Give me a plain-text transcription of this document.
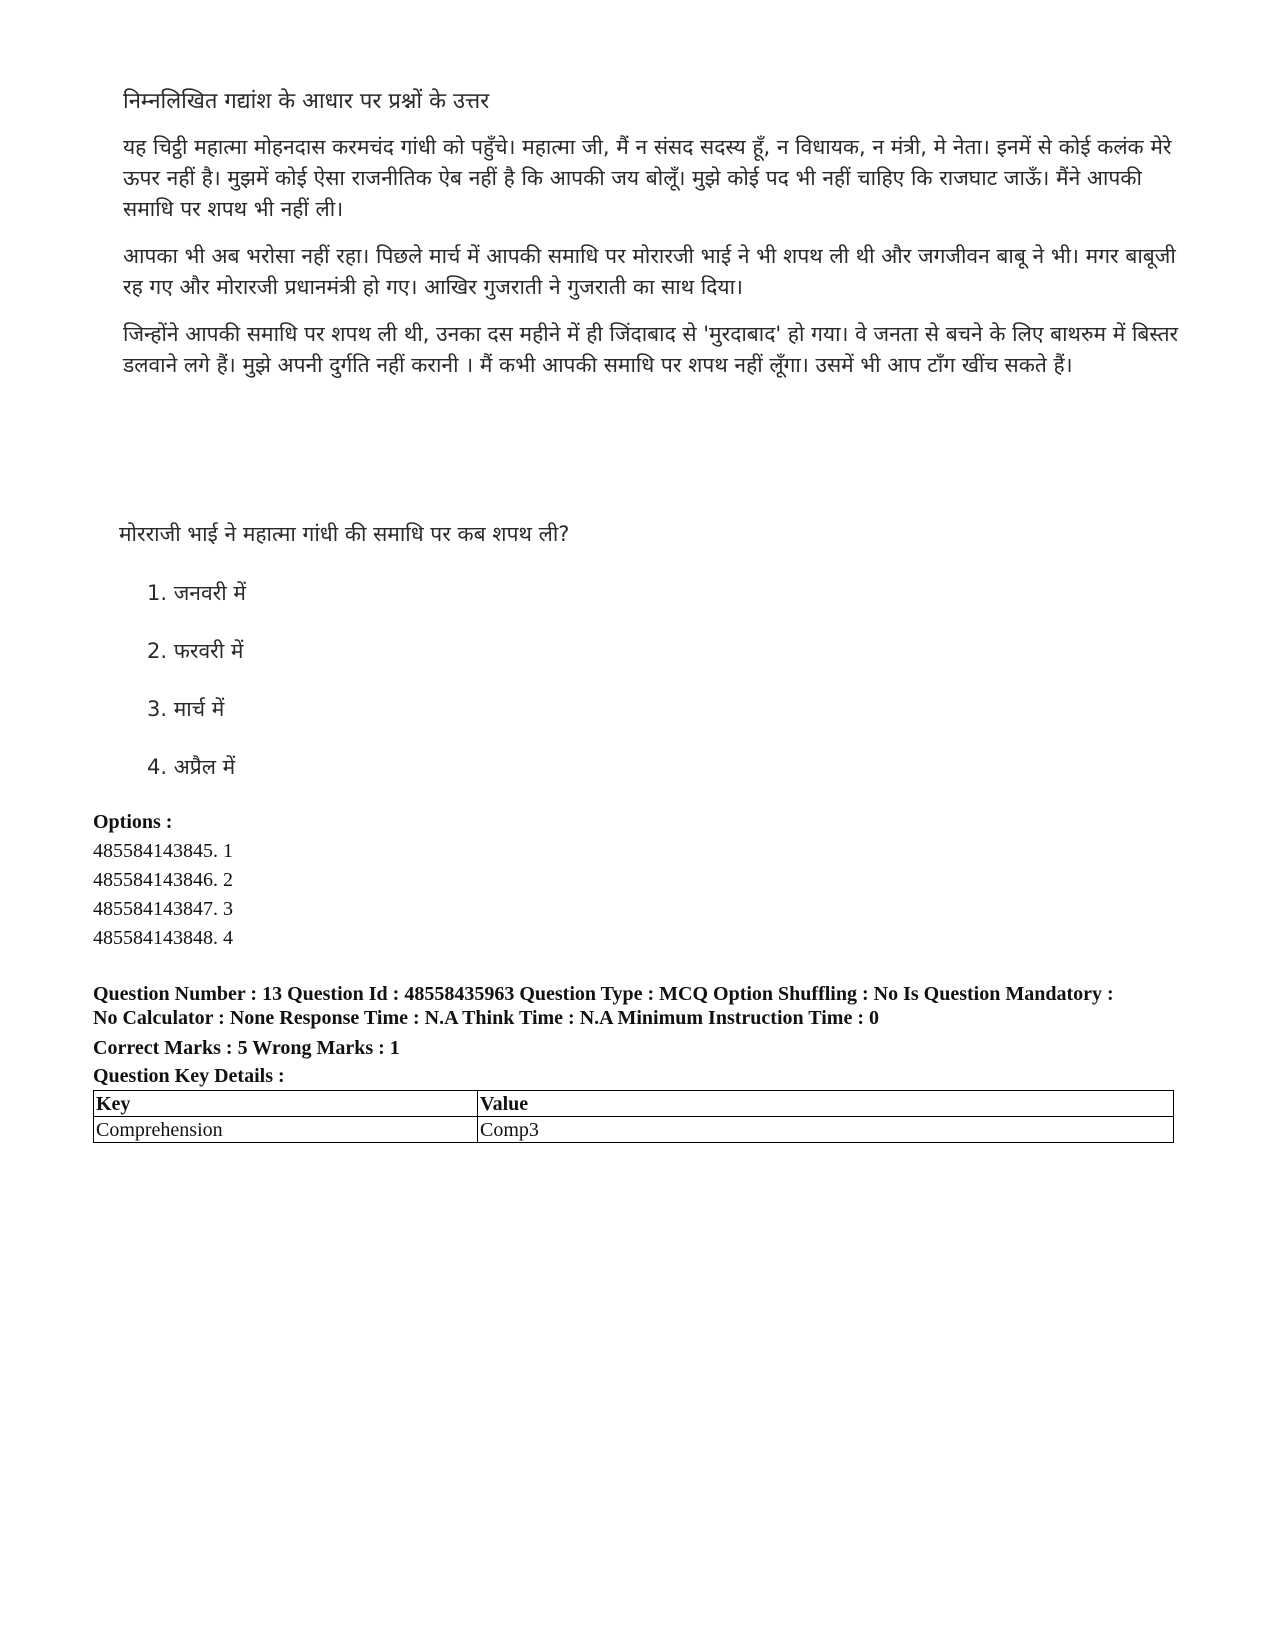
निम्नलिखित गद्यांश के आधार पर प्रश्नों के उत्तर

यह चिट्ठी महात्मा मोहनदास करमचंद गांधी को पहुँचे। महात्मा जी, मैं न संसद सदस्य हूँ, न विधायक, न मंत्री, मे नेता। इनमें से कोई कलंक मेरे ऊपर नहीं है। मुझमें कोई ऐसा राजनीतिक ऐब नहीं है कि आपकी जय बोलूँ। मुझे कोई पद भी नहीं चाहिए कि राजघाट जाऊँ। मैंने आपकी समाधि पर शपथ भी नहीं ली।

आपका भी अब भरोसा नहीं रहा। पिछले मार्च में आपकी समाधि पर मोरारजी भाई ने भी शपथ ली थी और जगजीवन बाबू ने भी। मगर बाबूजी रह गए और मोरारजी प्रधानमंत्री हो गए। आखिर गुजराती ने गुजराती का साथ दिया।

जिन्होंने आपकी समाधि पर शपथ ली थी, उनका दस महीने में ही जिंदाबाद से 'मुरदाबाद' हो गया। वे जनता से बचने के लिए बाथरुम में बिस्तर डलवाने लगे हैं। मुझे अपनी दुर्गति नहीं करानी । मैं कभी आपकी समाधि पर शपथ नहीं लूँगा। उसमें भी आप टाँग खींच सकते हैं।

मोरराजी भाई ने महात्मा गांधी की समाधि पर कब शपथ ली?

1. जनवरी में
2. फरवरी में
3. मार्च में
4. अप्रैल में
Options :
485584143845. 1
485584143846. 2
485584143847. 3
485584143848. 4

Question Number : 13 Question Id : 48558435963 Question Type : MCQ Option Shuffling : No Is Question Mandatory :

No Calculator : None Response Time : N.A Think Time : N.A Minimum Instruction Time : 0

Correct Marks : 5 Wrong Marks : 1

Question Key Details :

Key	Value
Comprehension	Comp3
